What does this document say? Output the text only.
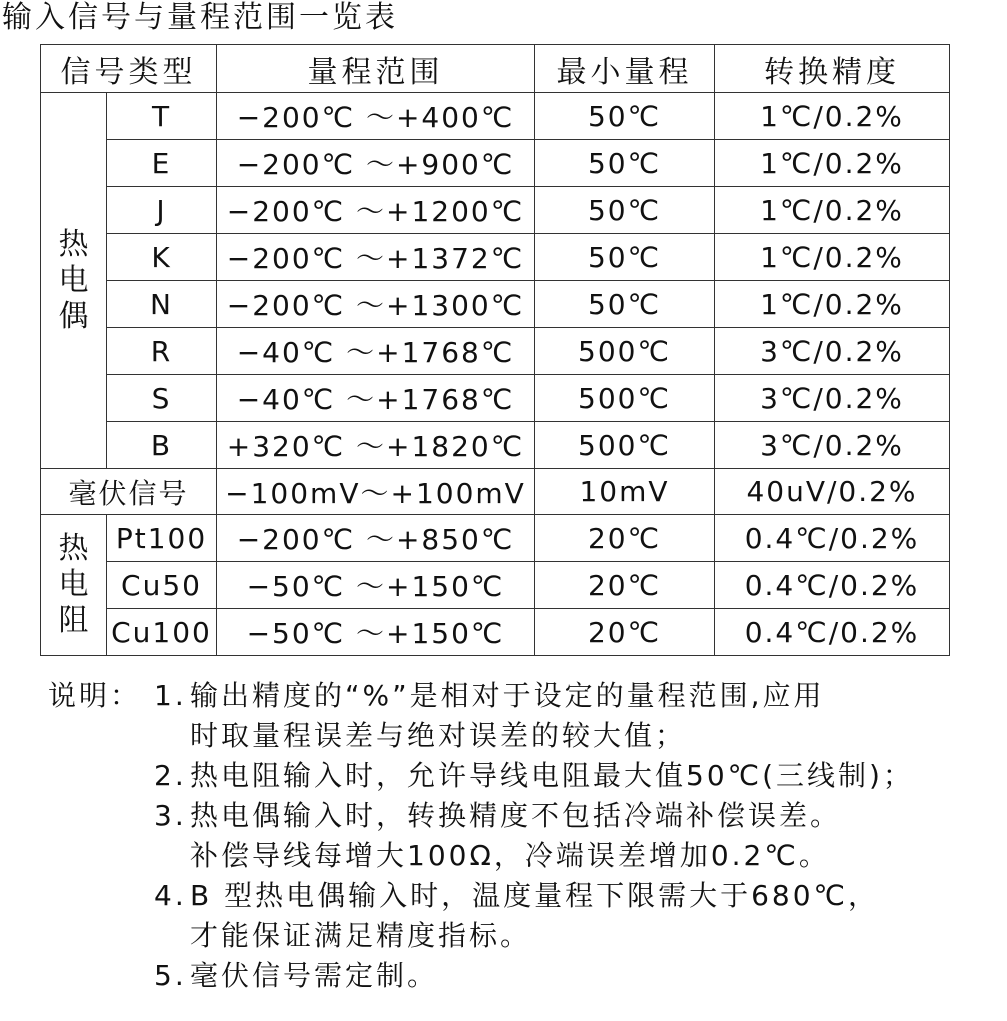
输入信号与量程范围一览表
信号类型		量程范围	最小量程	转换精度
热电偶	T	−200℃ ～+400℃	50℃	1℃/0.2%
	E	−200℃ ～+900℃	50℃	1℃/0.2%
	J	−200℃ ～+1200℃	50℃	1℃/0.2%
	K	−200℃ ～+1372℃	50℃	1℃/0.2%
	N	−200℃ ～+1300℃	50℃	1℃/0.2%
	R	−40℃ ～+1768℃	500℃	3℃/0.2%
	S	−40℃ ～+1768℃	500℃	3℃/0.2%
	B	+320℃ ～+1820℃	500℃	3℃/0.2%
毫伏信号		−100mV～+100mV	10mV	40uV/0.2%
热电阻	Pt100	−200℃ ～+850℃	20℃	0.4℃/0.2%
	Cu50	−50℃ ～+150℃	20℃	0.4℃/0.2%
	Cu100	−50℃ ～+150℃	20℃	0.4℃/0.2%
说明： 1. 输出精度的“%”是相对于设定的量程范围,应用
时取量程误差与绝对误差的较大值；
2. 热电阻输入时，允许导线电阻最大值50℃(三线制)；
3. 热电偶输入时，转换精度不包括冷端补偿误差。
补偿导线每增大100Ω，冷端误差增加0.2℃。
4. B 型热电偶输入时，温度量程下限需大于680℃，
才能保证满足精度指标。
5. 毫伏信号需定制。
